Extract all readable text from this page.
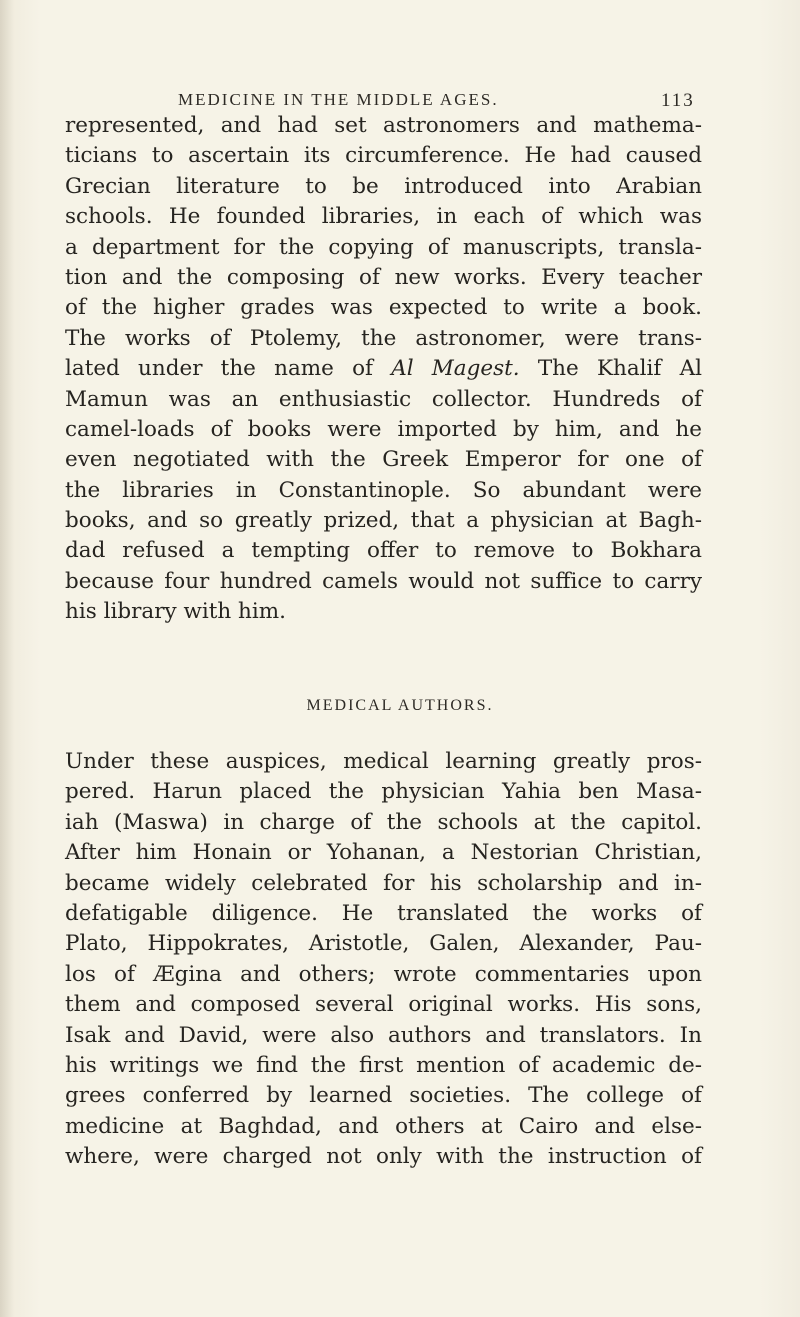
MEDICINE IN THE MIDDLE AGES.	113
represented, and had set astronomers and mathema-
ticians to ascertain its circumference. He had caused
Grecian literature to be introduced into Arabian
schools. He founded libraries, in each of which was
a department for the copying of manuscripts, transla-
tion and the composing of new works. Every teacher
of the higher grades was expected to write a book.
The works of Ptolemy, the astronomer, were trans-
lated under the name of Al Magest. The Khalif Al
Mamun was an enthusiastic collector. Hundreds of
camel-loads of books were imported by him, and he
even negotiated with the Greek Emperor for one of
the libraries in Constantinople. So abundant were
books, and so greatly prized, that a physician at Bagh-
dad refused a tempting offer to remove to Bokhara
because four hundred camels would not suffice to carry
his library with him.
MEDICAL AUTHORS.
Under these auspices, medical learning greatly pros-
pered. Harun placed the physician Yahia ben Masa-
iah (Maswa) in charge of the schools at the capitol.
After him Honain or Yohanan, a Nestorian Christian,
became widely celebrated for his scholarship and in-
defatigable diligence. He translated the works of
Plato, Hippokrates, Aristotle, Galen, Alexander, Pau-
los of Ægina and others; wrote commentaries upon
them and composed several original works. His sons,
Isak and David, were also authors and translators. In
his writings we find the first mention of academic de-
grees conferred by learned societies. The college of
medicine at Baghdad, and others at Cairo and else-
where, were charged not only with the instruction of
